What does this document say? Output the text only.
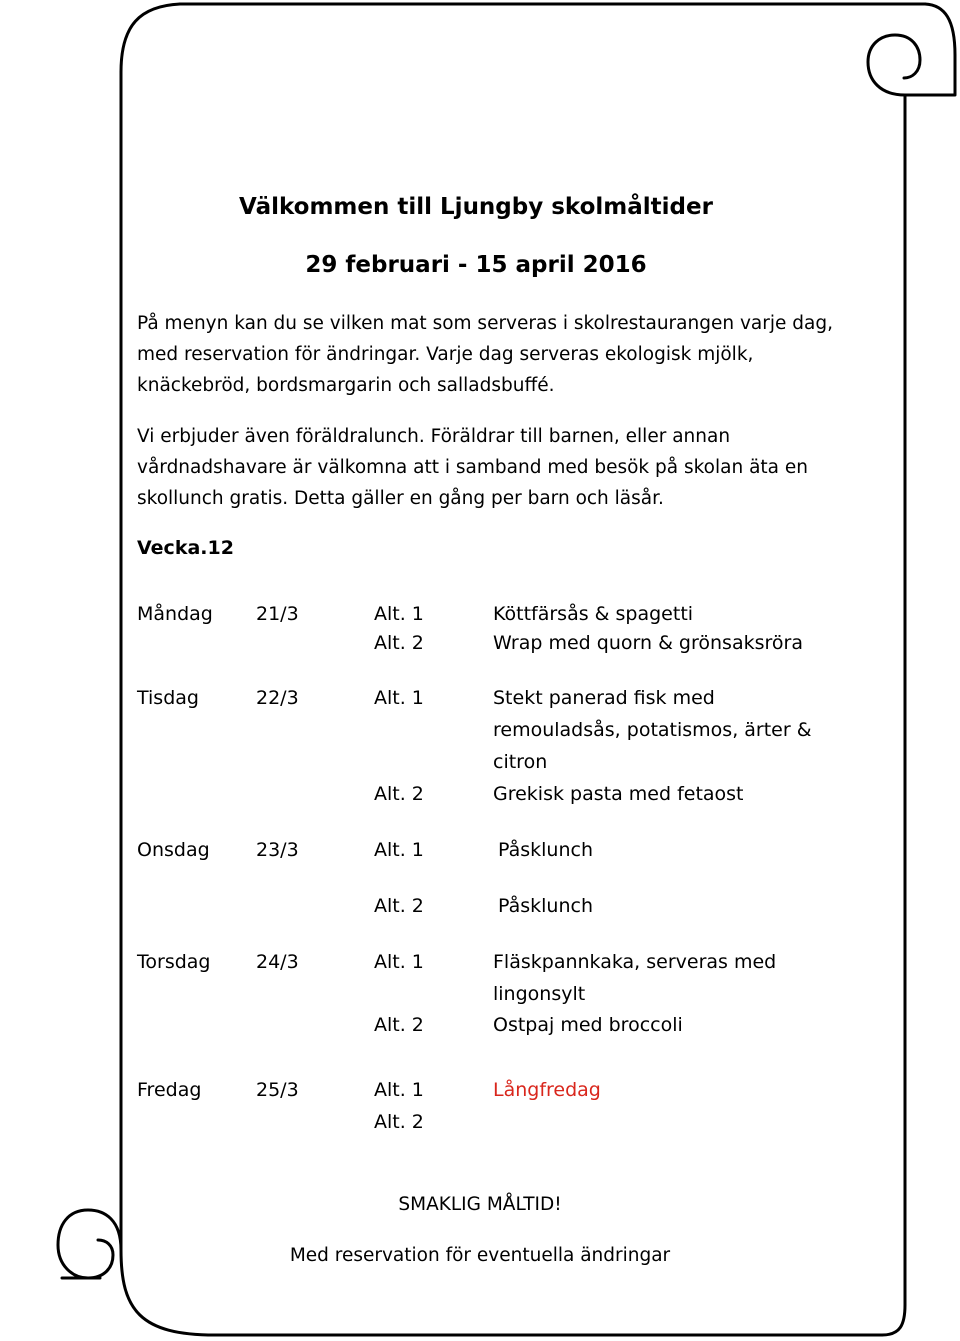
Välkommen till Ljungby skolmåltider
29 februari - 15 april 2016

På menyn kan du se vilken mat som serveras i skolrestaurangen varje dag, med reservation för ändringar. Varje dag serveras ekologisk mjölk, knäckebröd, bordsmargarin och salladsbuffé.

Vi erbjuder även föräldralunch. Föräldrar till barnen, eller annan vårdnadshavare är välkomna att i samband med besök på skolan äta en skollunch gratis. Detta gäller en gång per barn och läsår.

Vecka.12
Måndag 21/3	Alt. 1	Köttfärsås & spagetti
Alt. 2	Wrap med quorn & grönsaksröra
Tisdag	22/3	Alt. 1	Stekt panerad fisk med remouladsås, potatismos, ärter & citron
Alt. 2	Grekisk pasta med fetaost
Onsdag 23/3	Alt. 1	Påsklunch
Alt. 2	Påsklunch
Torsdag 24/3	Alt. 1	Fläskpannkaka, serveras med lingonsylt
Alt. 2	Ostpaj med broccoli
Fredag	25/3	Alt. 1	Långfredag
Alt. 2
SMAKLIG MÅLTID!
Med reservation för eventuella ändringar
